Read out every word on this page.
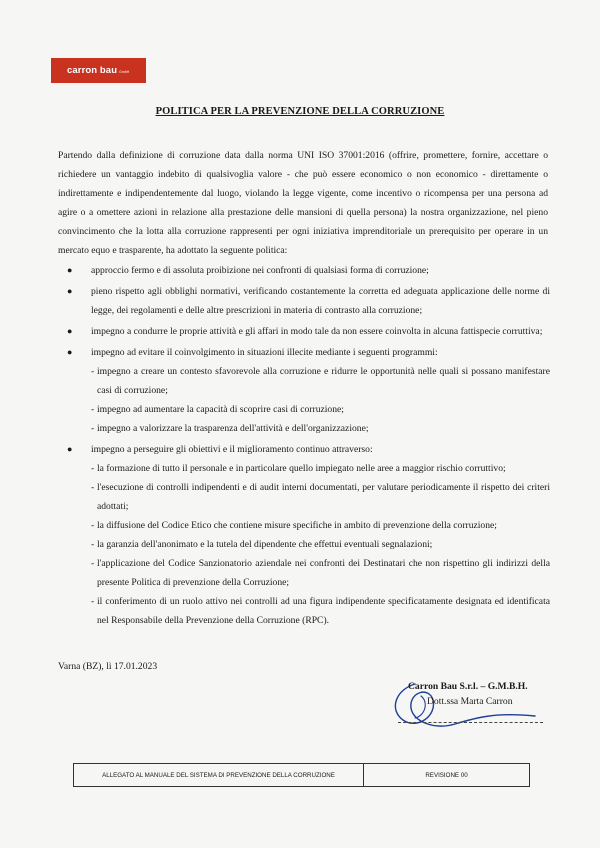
carron bau GmbH
POLITICA PER LA PREVENZIONE DELLA CORRUZIONE

Partendo dalla definizione di corruzione data dalla norma UNI ISO 37001:2016 (offrire, promettere, fornire, accettare o richiedere un vantaggio indebito di qualsivoglia valore - che può essere economico o non economico - direttamente o indirettamente e indipendentemente dal luogo, violando la legge vigente, come incentivo o ricompensa per una persona ad agire o a omettere azioni in relazione alla prestazione delle mansioni di quella persona) la nostra organizzazione, nel pieno convincimento che la lotta alla corruzione rappresenti per ogni iniziativa imprenditoriale un prerequisito per operare in un mercato equo e trasparente, ha adottato la seguente politica:

● approccio fermo e di assoluta proibizione nei confronti di qualsiasi forma di corruzione;
● pieno rispetto agli obblighi normativi, verificando costantemente la corretta ed adeguata applicazione delle norme di legge, dei regolamenti e delle altre prescrizioni in materia di contrasto alla corruzione;
● impegno a condurre le proprie attività e gli affari in modo tale da non essere coinvolta in alcuna fattispecie corruttiva;
● impegno ad evitare il coinvolgimento in situazioni illecite mediante i seguenti programmi:
- impegno a creare un contesto sfavorevole alla corruzione e ridurre le opportunità nelle quali si possano manifestare casi di corruzione;
- impegno ad aumentare la capacità di scoprire casi di corruzione;
- impegno a valorizzare la trasparenza dell'attività e dell'organizzazione;
● impegno a perseguire gli obiettivi e il miglioramento continuo attraverso:
- la formazione di tutto il personale e in particolare quello impiegato nelle aree a maggior rischio corruttivo;
- l'esecuzione di controlli indipendenti e di audit interni documentati, per valutare periodicamente il rispetto dei criteri adottati;
- la diffusione del Codice Etico che contiene misure specifiche in ambito di prevenzione della corruzione;
- la garanzia dell'anonimato e la tutela del dipendente che effettui eventuali segnalazioni;
- l'applicazione del Codice Sanzionatorio aziendale nei confronti dei Destinatari che non rispettino gli indirizzi della presente Politica di prevenzione della Corruzione;
- il conferimento di un ruolo attivo nei controlli ad una figura indipendente specificatamente designata ed identificata nel Responsabile della Prevenzione della Corruzione (RPC).
Varna (BZ), lì 17.01.2023
Carron Bau S.r.l. – G.M.B.H.
Dott.ssa Marta Carron
ALLEGATO AL MANUALE DEL SISTEMA DI PREVENZIONE DELLA CORRUZIONE	REVISIONE 00
